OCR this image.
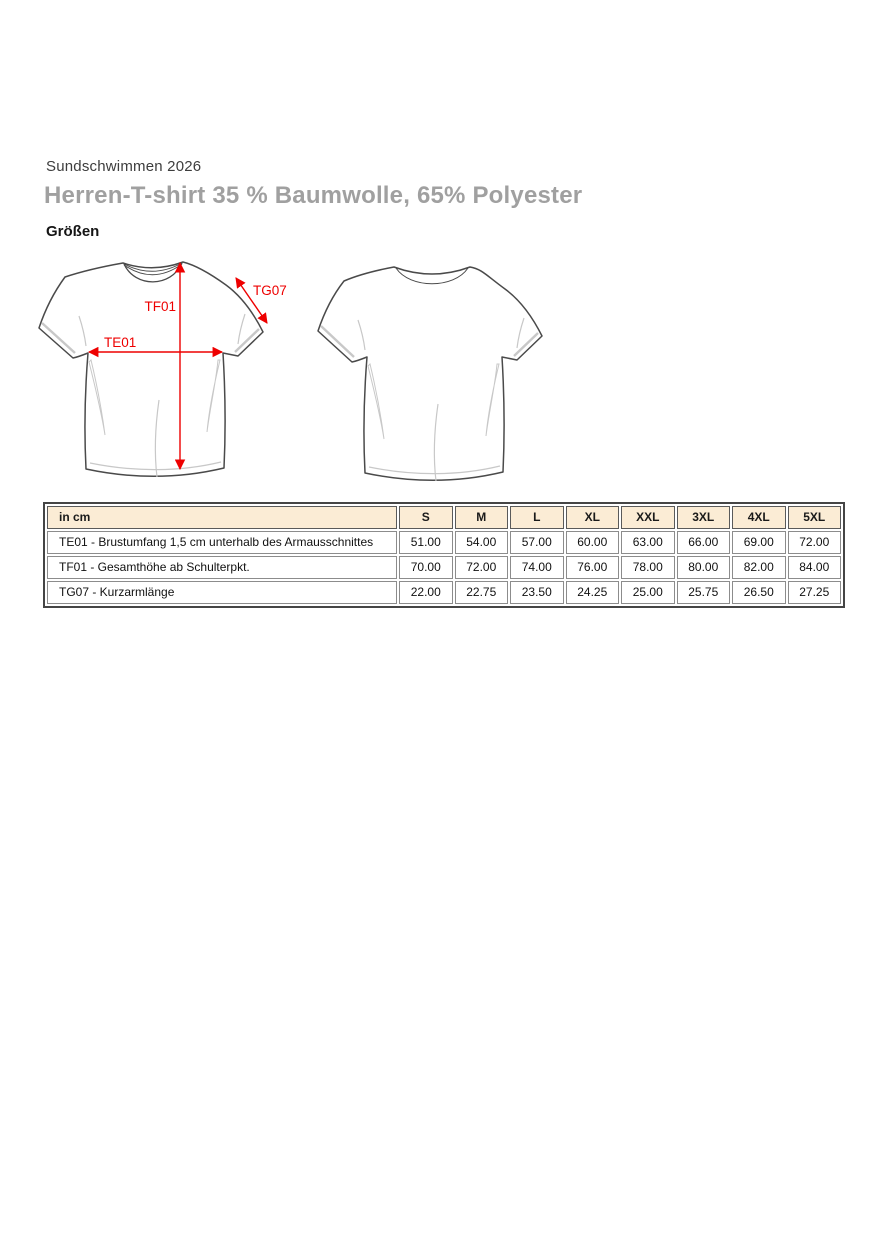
Sundschwimmen 2026
Herren-T-shirt 35 % Baumwolle, 65% Polyester
Größen
TF01
TE01
TG07
in cm	S	M	L	XL	XXL	3XL	4XL	5XL
TE01 - Brustumfang 1,5 cm unterhalb des Armausschnittes	51.00	54.00	57.00	60.00	63.00	66.00	69.00	72.00
TF01 - Gesamthöhe ab Schulterpkt.	70.00	72.00	74.00	76.00	78.00	80.00	82.00	84.00
TG07 - Kurzarmlänge	22.00	22.75	23.50	24.25	25.00	25.75	26.50	27.25
